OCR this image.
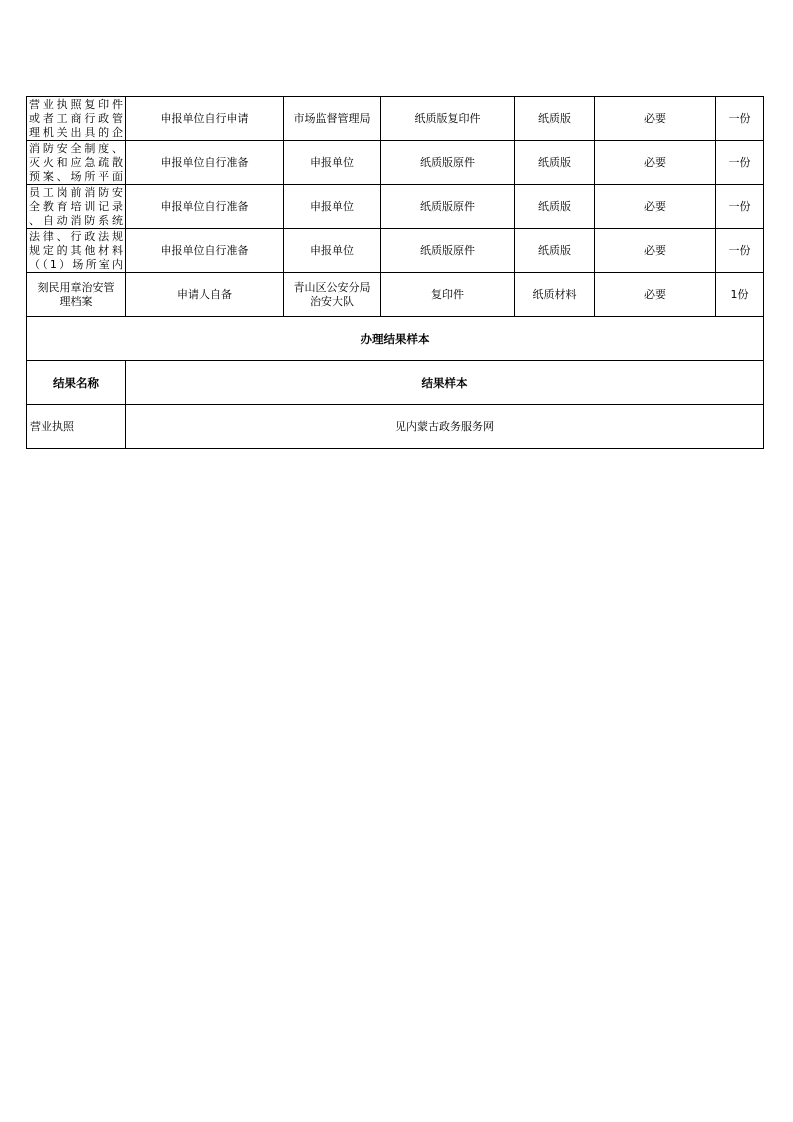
营业执照复印件
或者工商行政管
理机关出具的企	申报单位自行申请	市场监督管理局	纸质版复印件	纸质版	必要	一份

消防安全制度、
灭火和应急疏散
预案、场所平面	申报单位自行准备	申报单位	纸质版原件	纸质版	必要	一份

员工岗前消防安
全教育培训记录
、自动消防系统	申报单位自行准备	申报单位	纸质版原件	纸质版	必要	一份

法律、行政法规
规定的其他材料
（（1）场所室内	申报单位自行准备	申报单位	纸质版原件	纸质版	必要	一份

刻民用章治安管
理档案	申请人自备	青山区公安分局
治安大队	复印件	纸质材料	必要	1份
办理结果样本						
结果名称	结果样本					
营业执照	见内蒙古政务服务网					
